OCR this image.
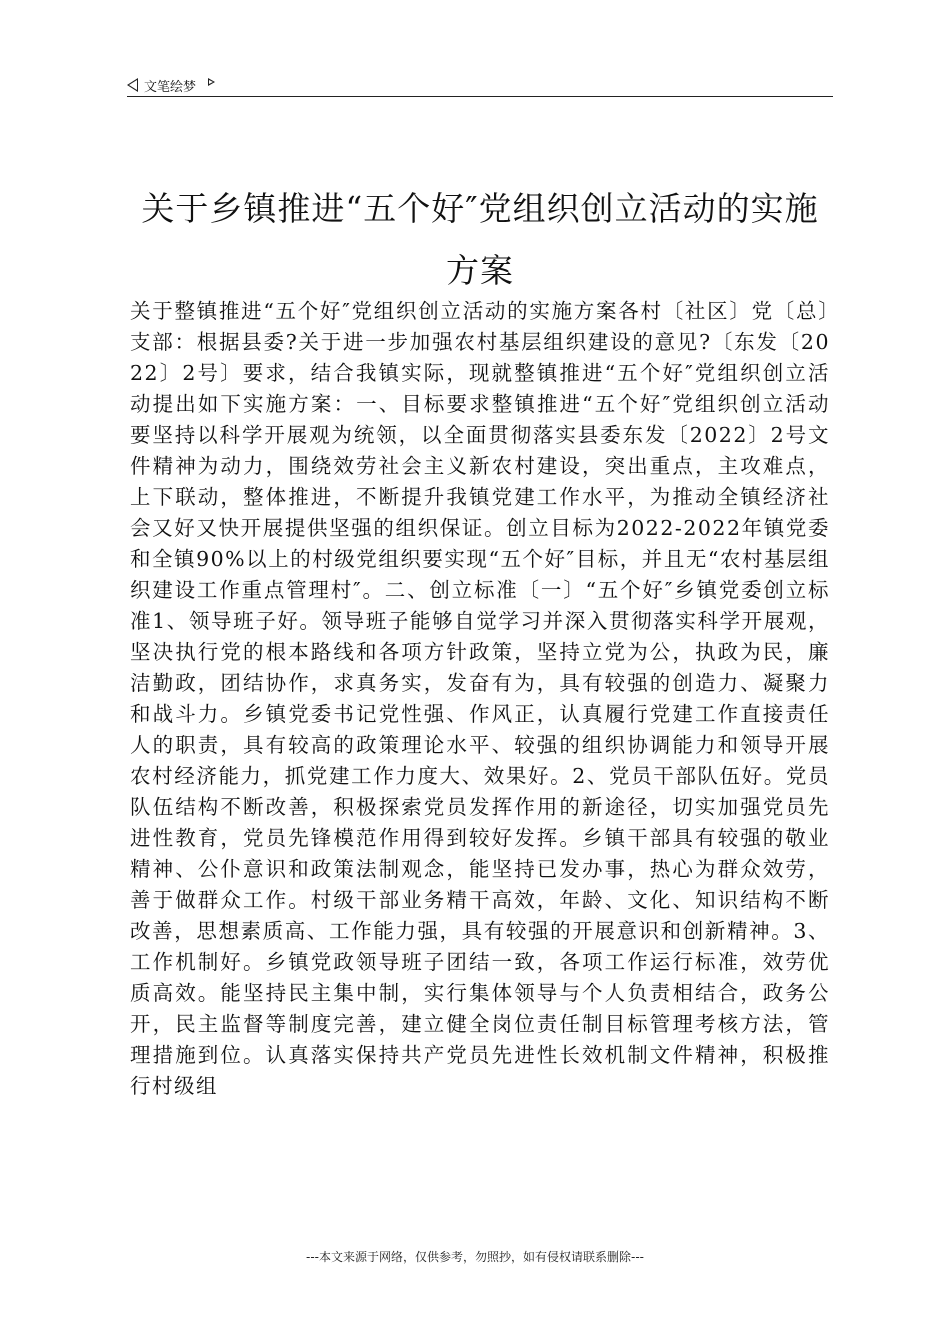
文笔绘梦
关于乡镇推进“五个好″党组织创立活动的实施方案

关于整镇推进“五个好″党组织创立活动的实施方案各村〔社区〕党〔总〕支部：根据县委?关于进一步加强农村基层组织建设的意见?〔东发〔2022〕2号〕要求，结合我镇实际，现就整镇推进“五个好″党组织创立活动提出如下实施方案：一、目标要求整镇推进“五个好″党组织创立活动要坚持以科学开展观为统领，以全面贯彻落实县委东发〔2022〕2号文件精神为动力，围绕效劳社会主义新农村建设，突出重点，主攻难点，上下联动，整体推进，不断提升我镇党建工作水平，为推动全镇经济社会又好又快开展提供坚强的组织保证。创立目标为2022-2022年镇党委和全镇90%以上的村级党组织要实现“五个好″目标，并且无“农村基层组织建设工作重点管理村″。二、创立标准〔一〕“五个好″乡镇党委创立标准1、领导班子好。领导班子能够自觉学习并深入贯彻落实科学开展观，坚决执行党的根本路线和各项方针政策，坚持立党为公，执政为民，廉洁勤政，团结协作，求真务实，发奋有为，具有较强的创造力、凝聚力和战斗力。乡镇党委书记党性强、作风正，认真履行党建工作直接责任人的职责，具有较高的政策理论水平、较强的组织协调能力和领导开展农村经济能力，抓党建工作力度大、效果好。2、党员干部队伍好。党员队伍结构不断改善，积极探索党员发挥作用的新途径，切实加强党员先进性教育，党员先锋模范作用得到较好发挥。乡镇干部具有较强的敬业精神、公仆意识和政策法制观念，能坚持已发办事，热心为群众效劳，善于做群众工作。村级干部业务精干高效，年龄、文化、知识结构不断改善，思想素质高、工作能力强，具有较强的开展意识和创新精神。3、工作机制好。乡镇党政领导班子团结一致，各项工作运行标准，效劳优质高效。能坚持民主集中制，实行集体领导与个人负责相结合，政务公开，民主监督等制度完善，建立健全岗位责任制目标管理考核方法，管理措施到位。认真落实保持共产党员先进性长效机制文件精神，积极推行村级组

---本文来源于网络，仅供参考，勿照抄，如有侵权请联系删除---
